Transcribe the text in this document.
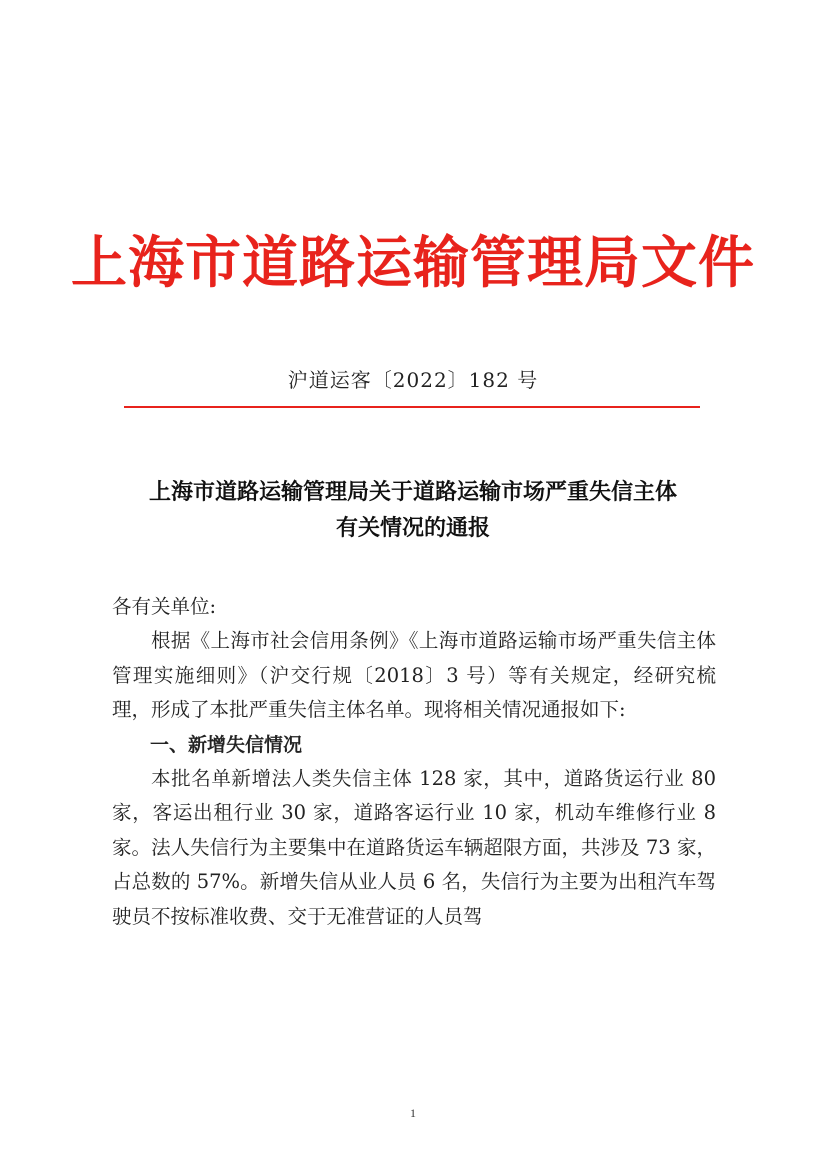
上海市道路运输管理局文件
沪道运客〔2022〕182 号
上海市道路运输管理局关于道路运输市场严重失信主体
有关情况的通报

各有关单位:

根据《上海市社会信用条例》《上海市道路运输市场严重失信主体管理实施细则》（沪交行规〔2018〕3 号）等有关规定，经研究梳理，形成了本批严重失信主体名单。现将相关情况通报如下:

一、新增失信情况

本批名单新增法人类失信主体 128 家，其中，道路货运行业 80 家，客运出租行业 30 家，道路客运行业 10 家，机动车维修行业 8 家。法人失信行为主要集中在道路货运车辆超限方面，共涉及 73 家，占总数的 57%。新增失信从业人员 6 名，失信行为主要为出租汽车驾驶员不按标准收费、交于无准营证的人员驾

1
